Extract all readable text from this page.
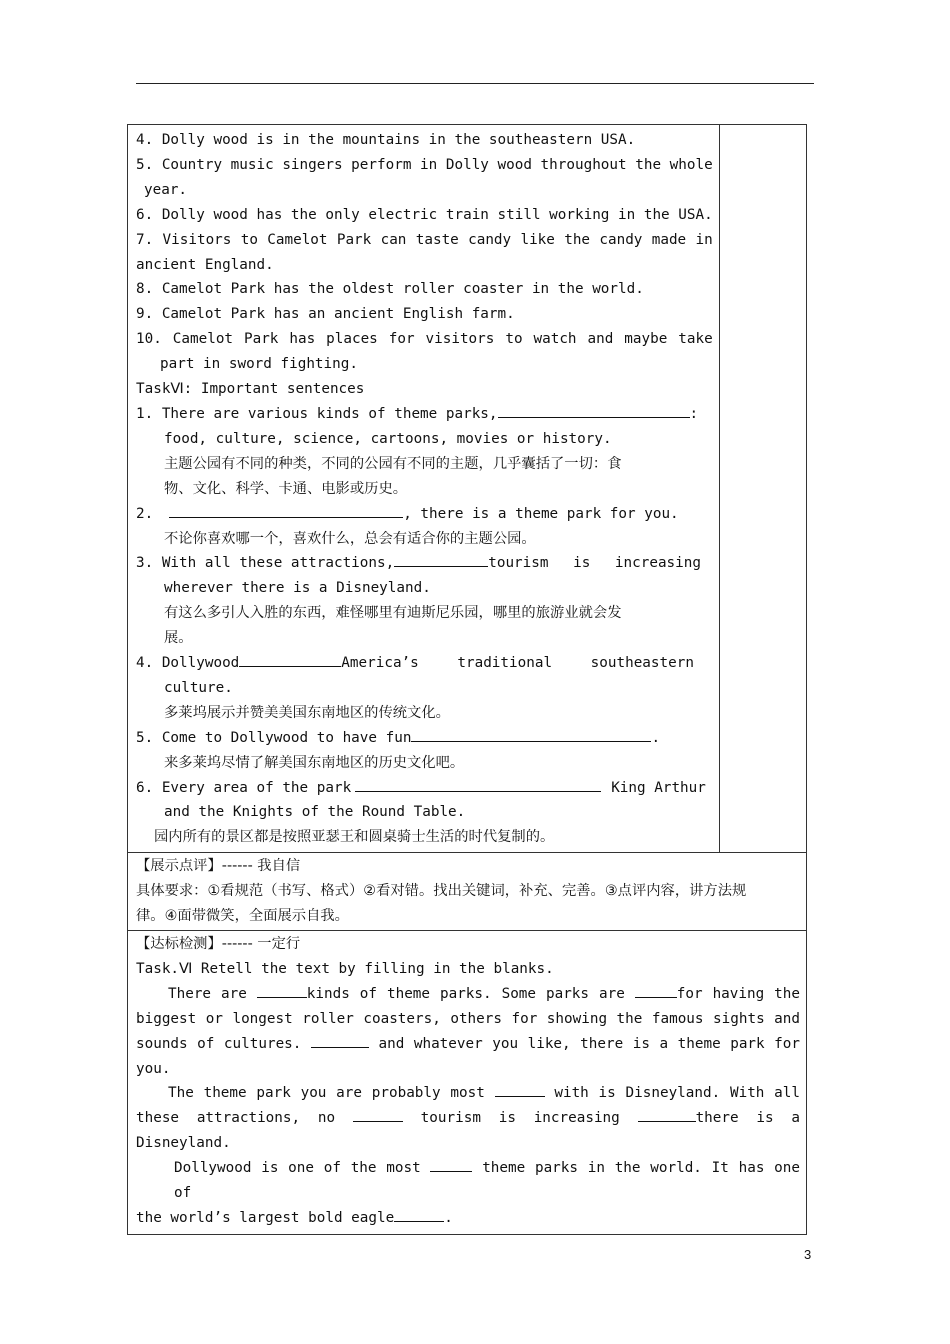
4. Dolly wood is in the mountains in the southeastern USA.
5. Country music singers perform in Dolly wood throughout the whole
year.
6. Dolly wood has the only electric train still working in the USA.
7. Visitors to Camelot Park can taste candy like the candy made in
ancient England.
8. Camelot Park has the oldest roller coaster in the world.
9. Camelot Park has an ancient English farm.
10. Camelot Park has places for visitors to watch and maybe take
part in sword fighting.
TaskⅥ: Important sentences
1. There are various kinds of theme parks,	:
food, culture, science, cartoons, movies or history.
主题公园有不同的种类，不同的公园有不同的主题，几乎囊括了一切：食
物、文化、科学、卡通、电影或历史。
2.	, there is a theme park for you.
不论你喜欢哪一个，喜欢什么，总会有适合你的主题公园。
3. With all these attractions,	tourism is increasing
wherever there is a Disneyland.
有这么多引人入胜的东西，难怪哪里有迪斯尼乐园，哪里的旅游业就会发
展。
4. Dollywood	America’s traditional southeastern
culture.
多莱坞展示并赞美美国东南地区的传统文化。
5. Come to Dollywood to have fun	.
来多莱坞尽情了解美国东南地区的历史文化吧。
6. Every area of the park	King Arthur
and the Knights of the Round Table.
园内所有的景区都是按照亚瑟王和圆桌骑士生活的时代复制的。

【展示点评】------ 我自信
具体要求：①看规范（书写、格式）②看对错。找出关键词，补充、完善。③点评内容，讲方法规
律。④面带微笑，全面展示自我。

【达标检测】------ 一定行
Task.Ⅵ Retell the text by filling in the blanks.
There are	kinds of theme parks. Some parks are	for having the
biggest or longest roller coasters, others for showing the famous sights and
sounds of cultures.	and whatever you like, there is a theme park for
you.
The theme park you are probably most	with is Disneyland. With all
these attractions, no	tourism is increasing	there is a
Disneyland.
Dollywood is one of the most	theme parks in the world. It has one of
the world’s largest bold eagle	.
3
